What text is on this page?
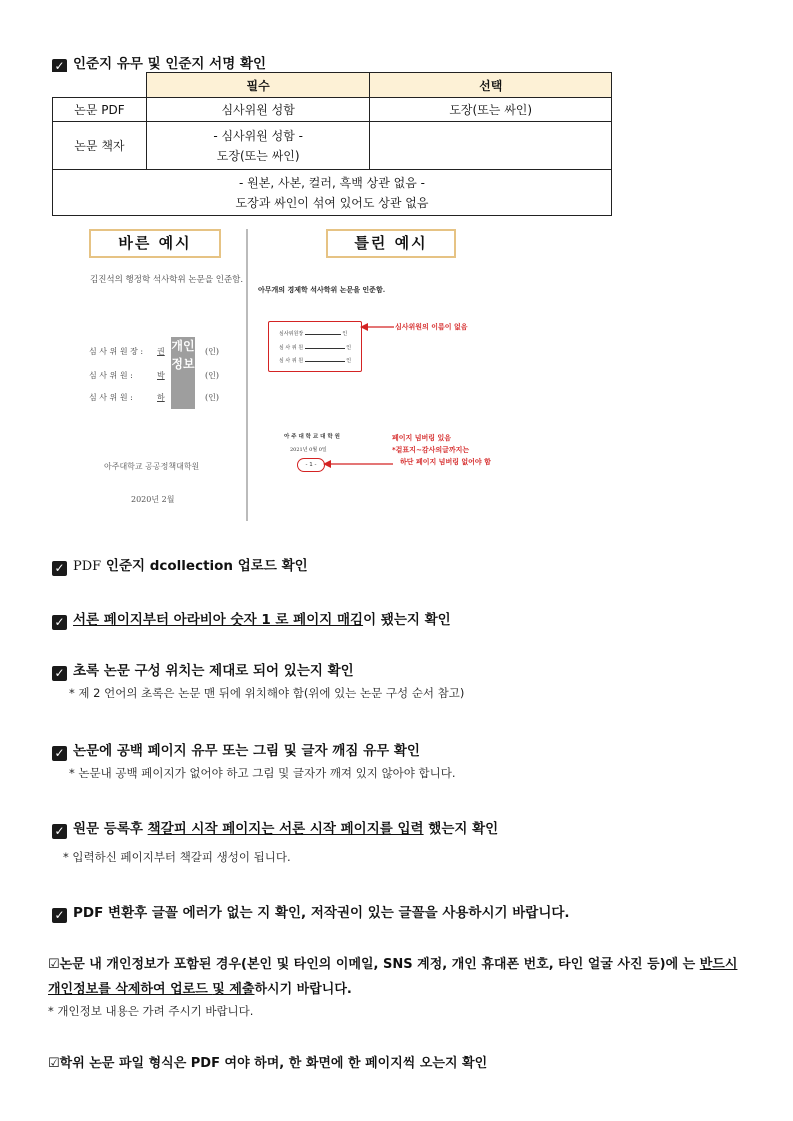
✓ 인준지 유무 및 인준지 서명 확인
	필수	선택
논문 PDF	심사위원 성함	도장(또는 싸인)
논문 책자	- 심사위원 성함 -
도장(또는 싸인)	

- 원본, 사본, 컬러, 흑백 상관 없음 -
도장과 싸인이 섞여 있어도 상관 없음		
바른 예시	틀린 예시
김진석의 행정학 석사학위 논문을 인준함.
심 사 위 원 장 : 권	(인)
심 사 위 원 :	박	(인)
심 사 위 원 :	하	(인)
개인정보
아주대학교 공공정책대학원
2020년 2월
아무개의 경제학 석사학위 논문을 인준함.
심사위원장	인
심 사 위 원	인
심 사 위 원	인
심사위원의 이름이 없음
아 주 대 학 교 대 학 원
2021년 0월 0일
- 1 -
페이지 넘버링 있음
*겉표지~감사의글까지는
하단 페이지 넘버링 없어야 함
✓ PDF 인준지 dcollection 업로드 확인
✓ 서론 페이지부터 아라비아 숫자 1 로 페이지 매김이 됐는지 확인
✓ 초록 논문 구성 위치는 제대로 되어 있는지 확인
* 제 2 언어의 초록은 논문 맨 뒤에 위치해야 함(위에 있는 논문 구성 순서 참고)
✓ 논문에 공백 페이지 유무 또는 그림 및 글자 깨짐 유무 확인
* 논문내 공백 페이지가 없어야 하고 그림 및 글자가 깨져 있지 않아야 합니다.
✓ 원문 등록후 책갈피 시작 페이지는 서론 시작 페이지를 입력 했는지 확인
* 입력하신 페이지부터 책갈피 생성이 됩니다.
✓ PDF 변환후 글꼴 에러가 없는 지 확인, 저작권이 있는 글꼴을 사용하시기 바랍니다.
☑논문 내 개인정보가 포함된 경우(본인 및 타인의 이메일, SNS 계정, 개인 휴대폰 번호, 타인 얼굴 사진 등)에 는 반드시
개인정보를 삭제하여 업로드 및 제출하시기 바랍니다.
* 개인정보 내용은 가려 주시기 바랍니다.
☑학위 논문 파일 형식은 PDF 여야 하며, 한 화면에 한 페이지씩 오는지 확인
